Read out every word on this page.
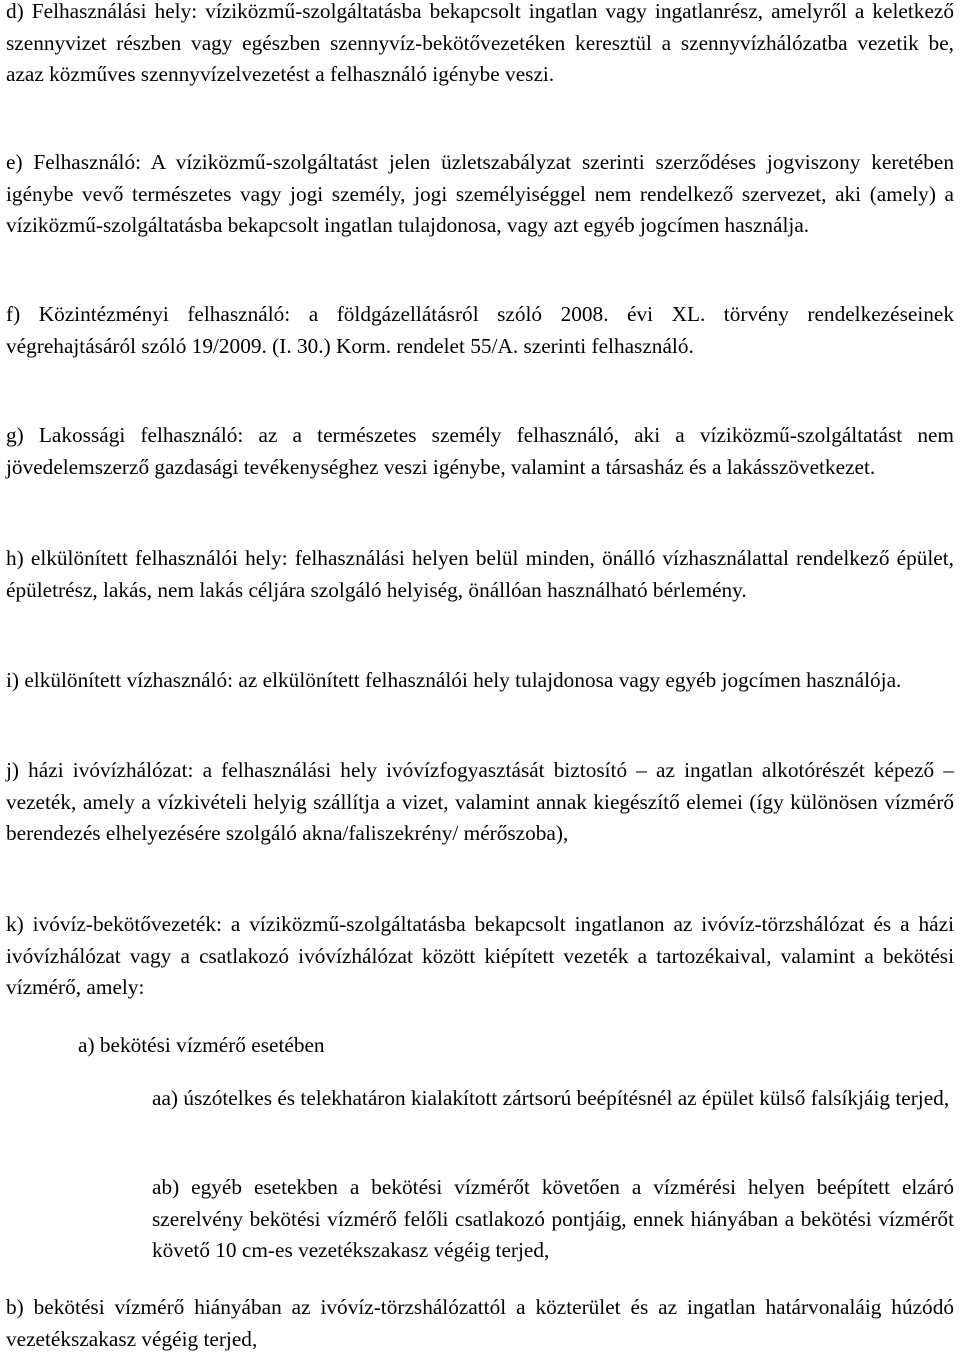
d) Felhasználási hely: víziközmű-szolgáltatásba bekapcsolt ingatlan vagy ingatlanrész, amelyről a keletkező szennyvizet részben vagy egészben szennyvíz-bekötővezetéken keresztül a szennyvízhálózatba vezetik be, azaz közműves szennyvízelvezetést a felhasználó igénybe veszi.

e) Felhasználó: A víziközmű-szolgáltatást jelen üzletszabályzat szerinti szerződéses jogviszony keretében igénybe vevő természetes vagy jogi személy, jogi személyiséggel nem rendelkező szervezet, aki (amely) a víziközmű-szolgáltatásba bekapcsolt ingatlan tulajdonosa, vagy azt egyéb jogcímen használja.

f) Közintézményi felhasználó: a földgázellátásról szóló 2008. évi XL. törvény rendelkezéseinek végrehajtásáról szóló 19/2009. (I. 30.) Korm. rendelet 55/A. szerinti felhasználó.

g) Lakossági felhasználó: az a természetes személy felhasználó, aki a víziközmű-szolgáltatást nem jövedelemszerző gazdasági tevékenységhez veszi igénybe, valamint a társasház és a lakásszövetkezet.

h) elkülönített felhasználói hely: felhasználási helyen belül minden, önálló vízhasználattal rendelkező épület, épületrész, lakás, nem lakás céljára szolgáló helyiség, önállóan használható bérlemény.

i) elkülönített vízhasználó: az elkülönített felhasználói hely tulajdonosa vagy egyéb jogcímen használója.

j) házi ivóvízhálózat: a felhasználási hely ivóvízfogyasztását biztosító – az ingatlan alkotórészét képező – vezeték, amely a vízkivételi helyig szállítja a vizet, valamint annak kiegészítő elemei (így különösen vízmérő berendezés elhelyezésére szolgáló akna/faliszekrény/ mérőszoba),

k) ivóvíz-bekötővezeték: a víziközmű-szolgáltatásba bekapcsolt ingatlanon az ivóvíz-törzshálózat és a házi ivóvízhálózat vagy a csatlakozó ivóvízhálózat között kiépített vezeték a tartozékaival, valamint a bekötési vízmérő, amely:

a) bekötési vízmérő esetében

aa) úszótelkes és telekhatáron kialakított zártsorú beépítésnél az épület külső falsíkjáig terjed,

ab) egyéb esetekben a bekötési vízmérőt követően a vízmérési helyen beépített elzáró szerelvény bekötési vízmérő felőli csatlakozó pontjáig, ennek hiányában a bekötési vízmérőt követő 10 cm-es vezetékszakasz végéig terjed,

b) bekötési vízmérő hiányában az ivóvíz-törzshálózattól a közterület és az ingatlan határvonaláig húzódó vezetékszakasz végéig terjed,
